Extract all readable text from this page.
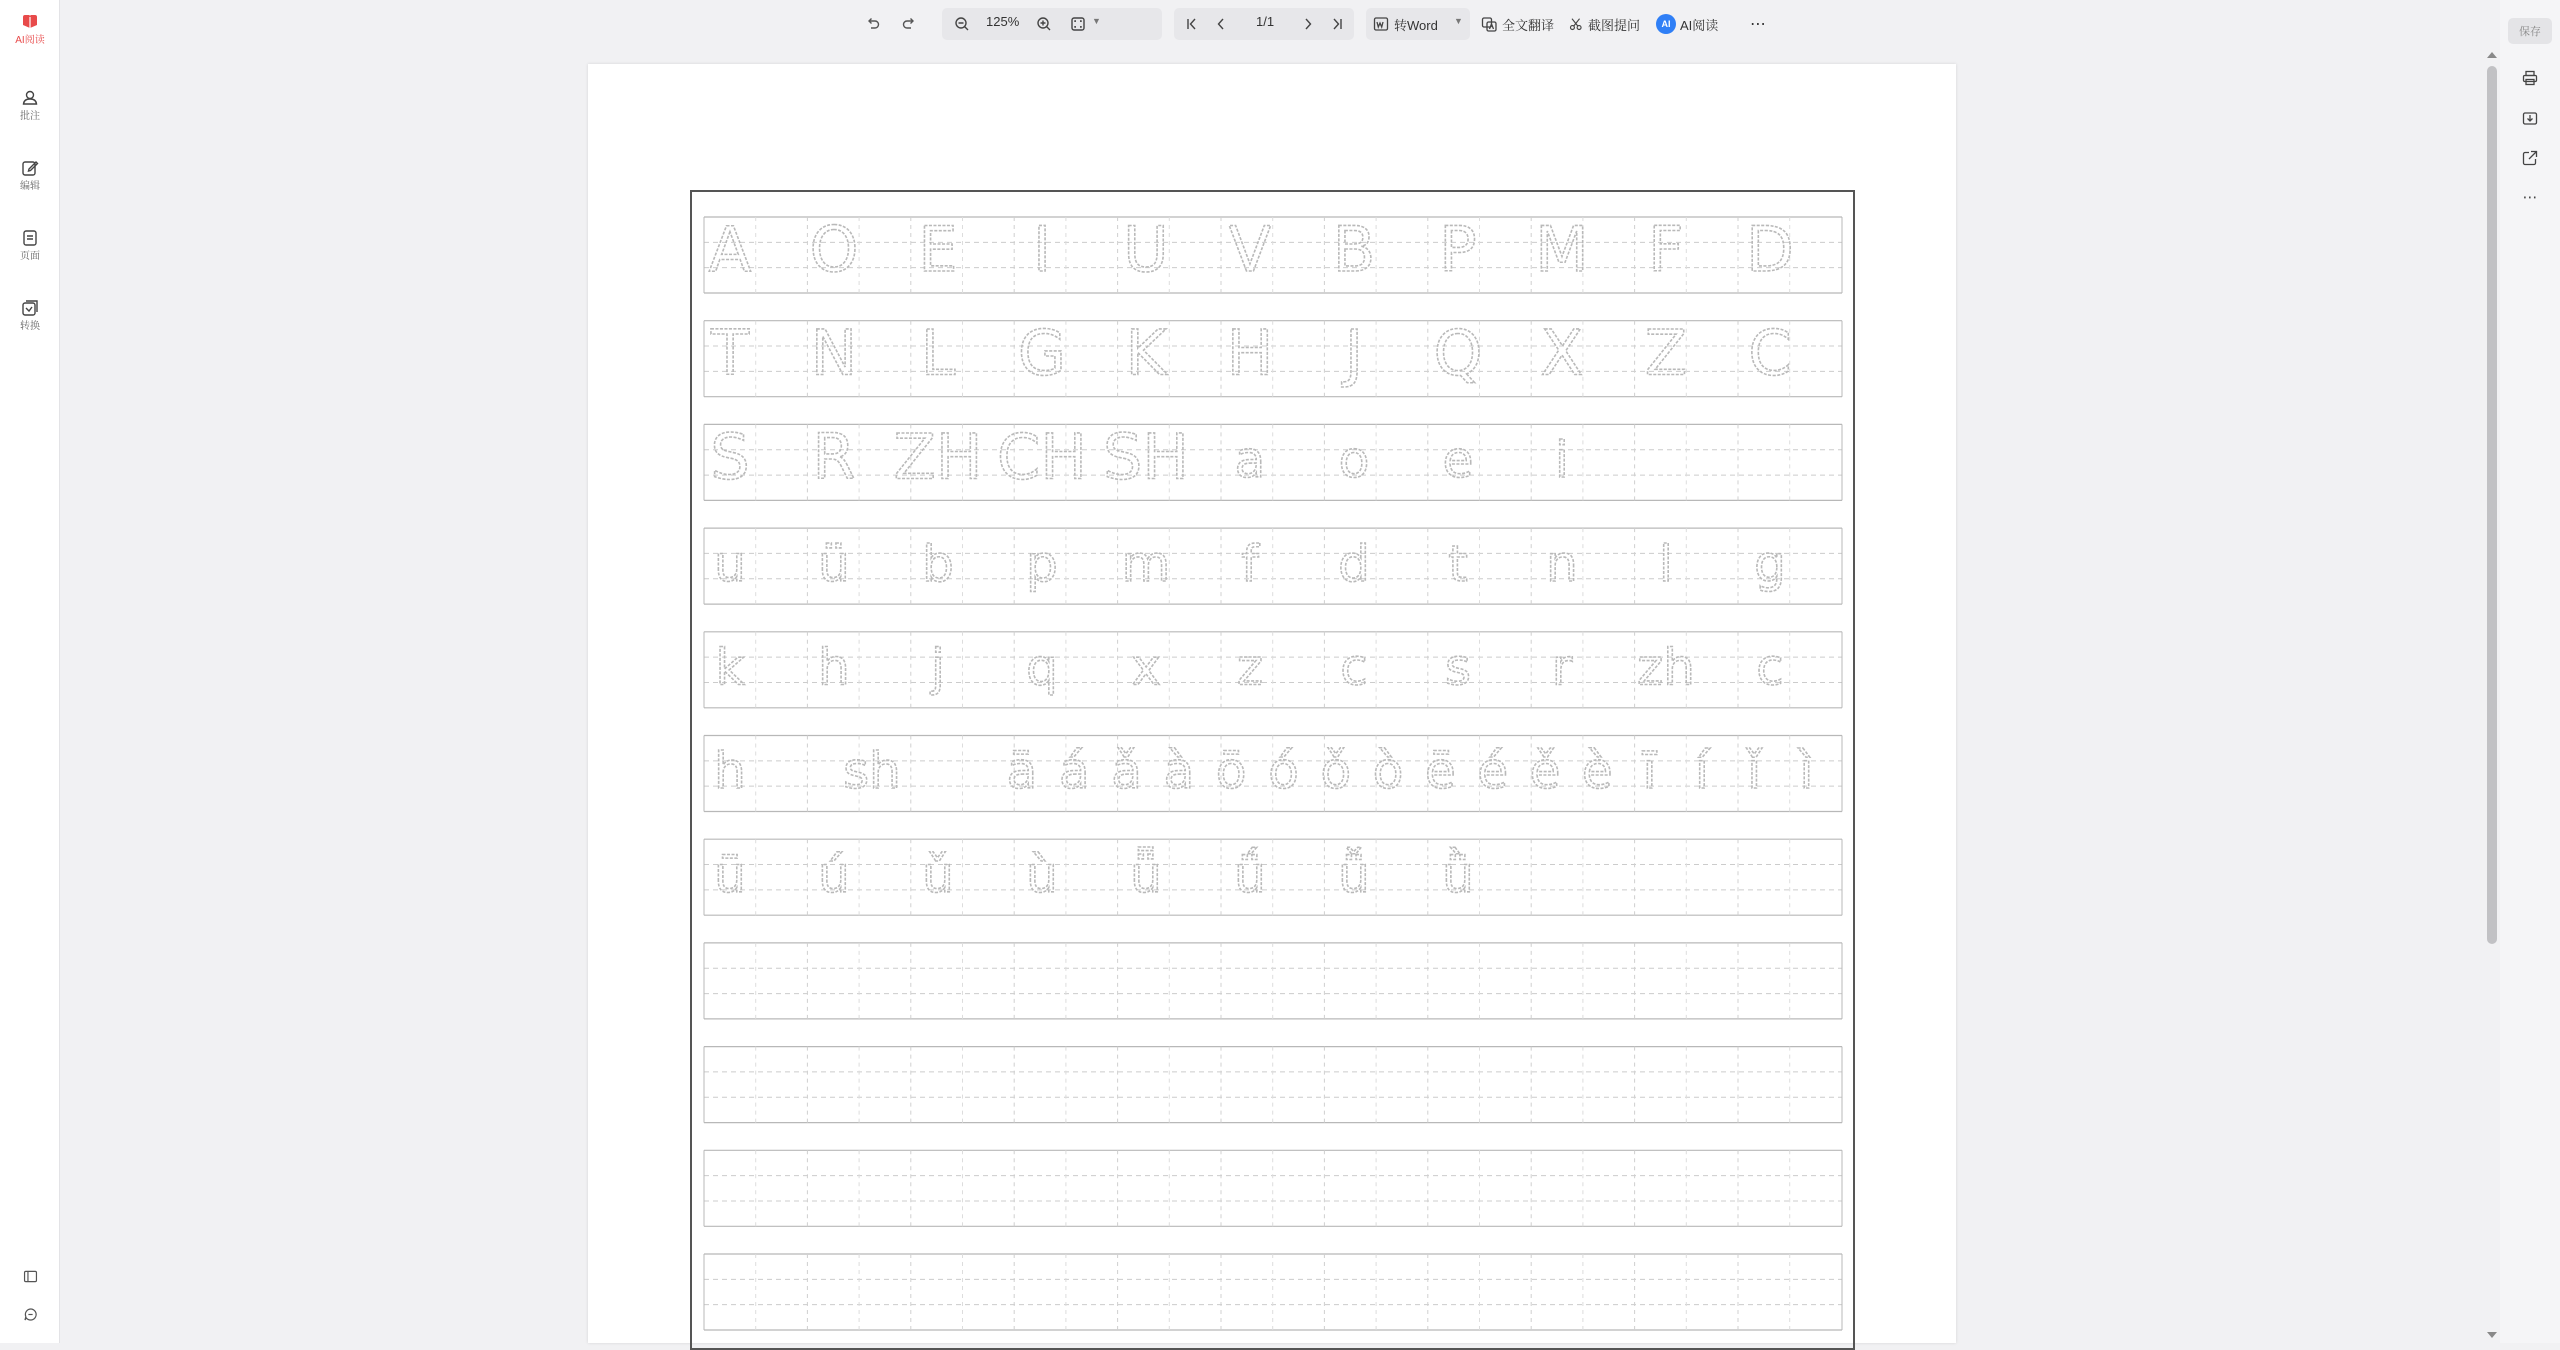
AI阅读
批注
编辑
页面
转换
125%	▼	1/1	转Word ▼	全文翻译	截图提问	AI AI阅读 ⋯
A O E I U V B P M F D
T N L G K H J Q X Z C
S R ZH CH SH a o e i
u ü b p m f d t n l g
k h j q x z c s r zh c
h sh ā á ǎ à ō ó ǒ ò ē é ě è ī í ǐ ì
ū ú ǔ ù ǖ ǘ ǚ ǜ
保存
⋯
